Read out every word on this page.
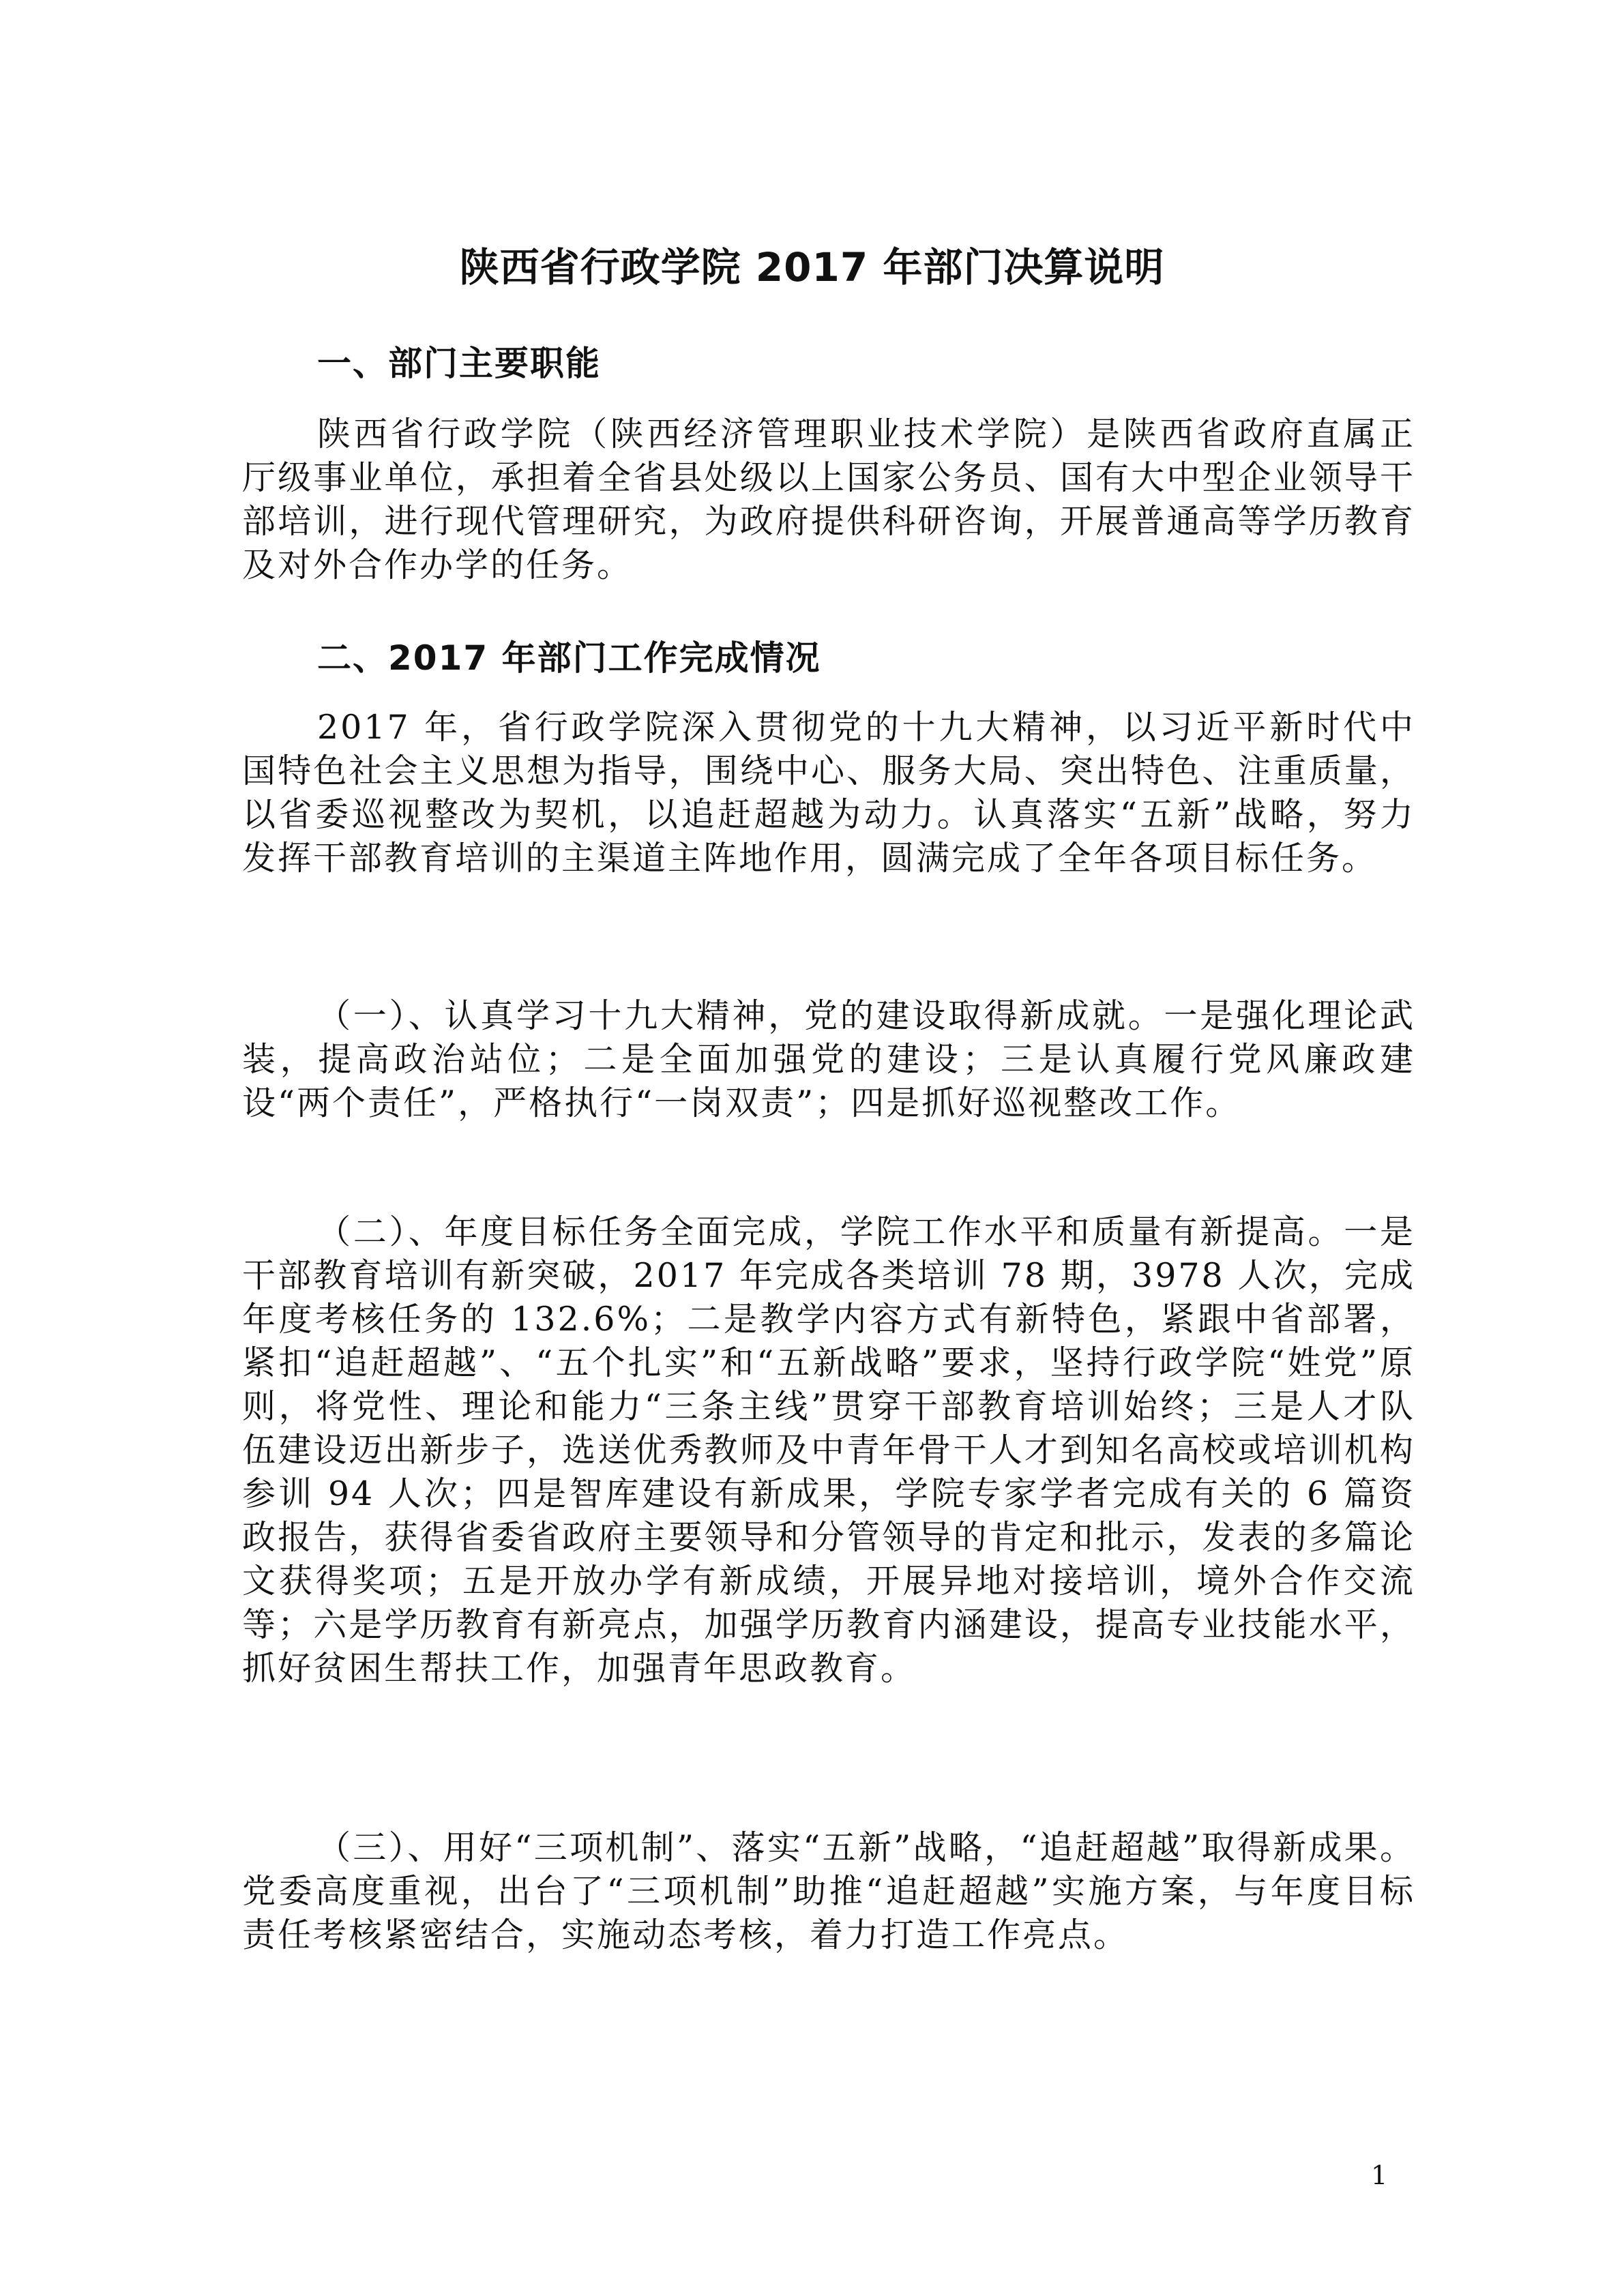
陕西省行政学院 2017 年部门决算说明
一、部门主要职能

陕西省行政学院（陕西经济管理职业技术学院）是陕西省政府直属正厅级事业单位，承担着全省县处级以上国家公务员、国有大中型企业领导干部培训，进行现代管理研究，为政府提供科研咨询，开展普通高等学历教育及对外合作办学的任务。

二、2017 年部门工作完成情况

2017 年，省行政学院深入贯彻党的十九大精神，以习近平新时代中国特色社会主义思想为指导，围绕中心、服务大局、突出特色、注重质量，以省委巡视整改为契机，以追赶超越为动力。认真落实“五新”战略，努力发挥干部教育培训的主渠道主阵地作用，圆满完成了全年各项目标任务。

（一）、认真学习十九大精神，党的建设取得新成就。一是强化理论武装，提高政治站位；二是全面加强党的建设；三是认真履行党风廉政建设“两个责任”，严格执行“一岗双责”；四是抓好巡视整改工作。

（二）、年度目标任务全面完成，学院工作水平和质量有新提高。一是干部教育培训有新突破，2017 年完成各类培训 78 期，3978 人次，完成年度考核任务的 132.6%；二是教学内容方式有新特色，紧跟中省部署，紧扣“追赶超越”、“五个扎实”和“五新战略”要求，坚持行政学院“姓党”原则，将党性、理论和能力“三条主线”贯穿干部教育培训始终；三是人才队伍建设迈出新步子，选送优秀教师及中青年骨干人才到知名高校或培训机构参训 94 人次；四是智库建设有新成果，学院专家学者完成有关的 6 篇资政报告，获得省委省政府主要领导和分管领导的肯定和批示，发表的多篇论文获得奖项；五是开放办学有新成绩，开展异地对接培训，境外合作交流等；六是学历教育有新亮点，加强学历教育内涵建设，提高专业技能水平，抓好贫困生帮扶工作，加强青年思政教育。

（三）、用好“三项机制”、落实“五新”战略，“追赶超越”取得新成果。党委高度重视，出台了“三项机制”助推“追赶超越”实施方案，与年度目标责任考核紧密结合，实施动态考核，着力打造工作亮点。

1
